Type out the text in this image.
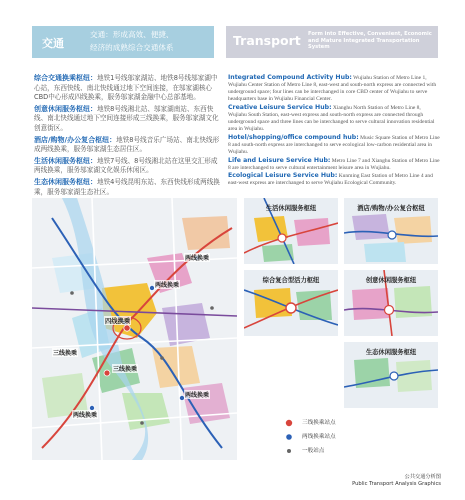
交通
交通：形成高效、便捷、
经济的成熟综合交通体系	Transport Form into Effective, Convenient, Economic and Mature Integrated Transportation System

综合交通换乘枢纽：地铁1号线邬家湖站、地铁8号线邬家湖中心站，东西快线、南北快线通过地下空间连接，在邬家湖核心CBD中心形成四线换乘，服务邬家湖金融中心总部基地。

创意休闲服务枢纽：地铁8号线湘北站、邬家湖南站、东西快线、南北快线通过地下空间连接形成三线换乘，服务邬家湖文化创意街区。

酒店/购物/办公复合枢纽：地铁8号线音乐广场站、南北快线形成两线换乘，服务邬家湖生态居住区。

生活休闲服务枢纽：地铁7号线、8号线湘北站在这里交汇形成两线换乘，服务邬家湖文化娱乐休闲区。

生态休闲服务枢纽：地铁4号线昆明东站、东西快线形成两线换乘，服务邬家湖生态社区。

Integrated Compound Activity Hub: Wujiahu Station of Metro Line 1, Wujiahu Center Station of Metro Line 8, east-west and south-north express are connected with underground space; four lines can be interchanged in core CBD center of Wujiahu to serve headquarters base in Wujiahu Financial Center.

Creative Leisure Service Hub: Xianghu North Station of Metro Line 8, Wujiahu South Station, east-west express and south-north express are connected through underground space and three lines can be interchanged to serve cultural innovation residential area in Wujiahu.

Hotel/shopping/office compound hub: Music Square Station of Metro Line 8 and south-north express are interchanged to serve ecological low-carbon residential area in Wujiahu.

Life and Leisure Service Hub: Metro Line 7 and Xianghu Station of Metro Line 8 are interchanged to serve cultural entertainment leisure area in Wujiahu.

Ecological Leisure Service Hub: Kunming East Station of Metro Line 4 and east-west express are interchanged to serve Wujiahu Ecological Community.

四线换乘
三线换乘
两线换乘
两线换乘
两线换乘
两线换乘
三线换乘
生活休闲服务枢纽	酒店/购物/办公复合枢纽
综合复合型活力枢纽	创意休闲服务枢纽
生态休闲服务枢纽
三线换乘站点
两线换乘站点
一般站点
公共交通分析图
Public Transport Analysis Graphics
